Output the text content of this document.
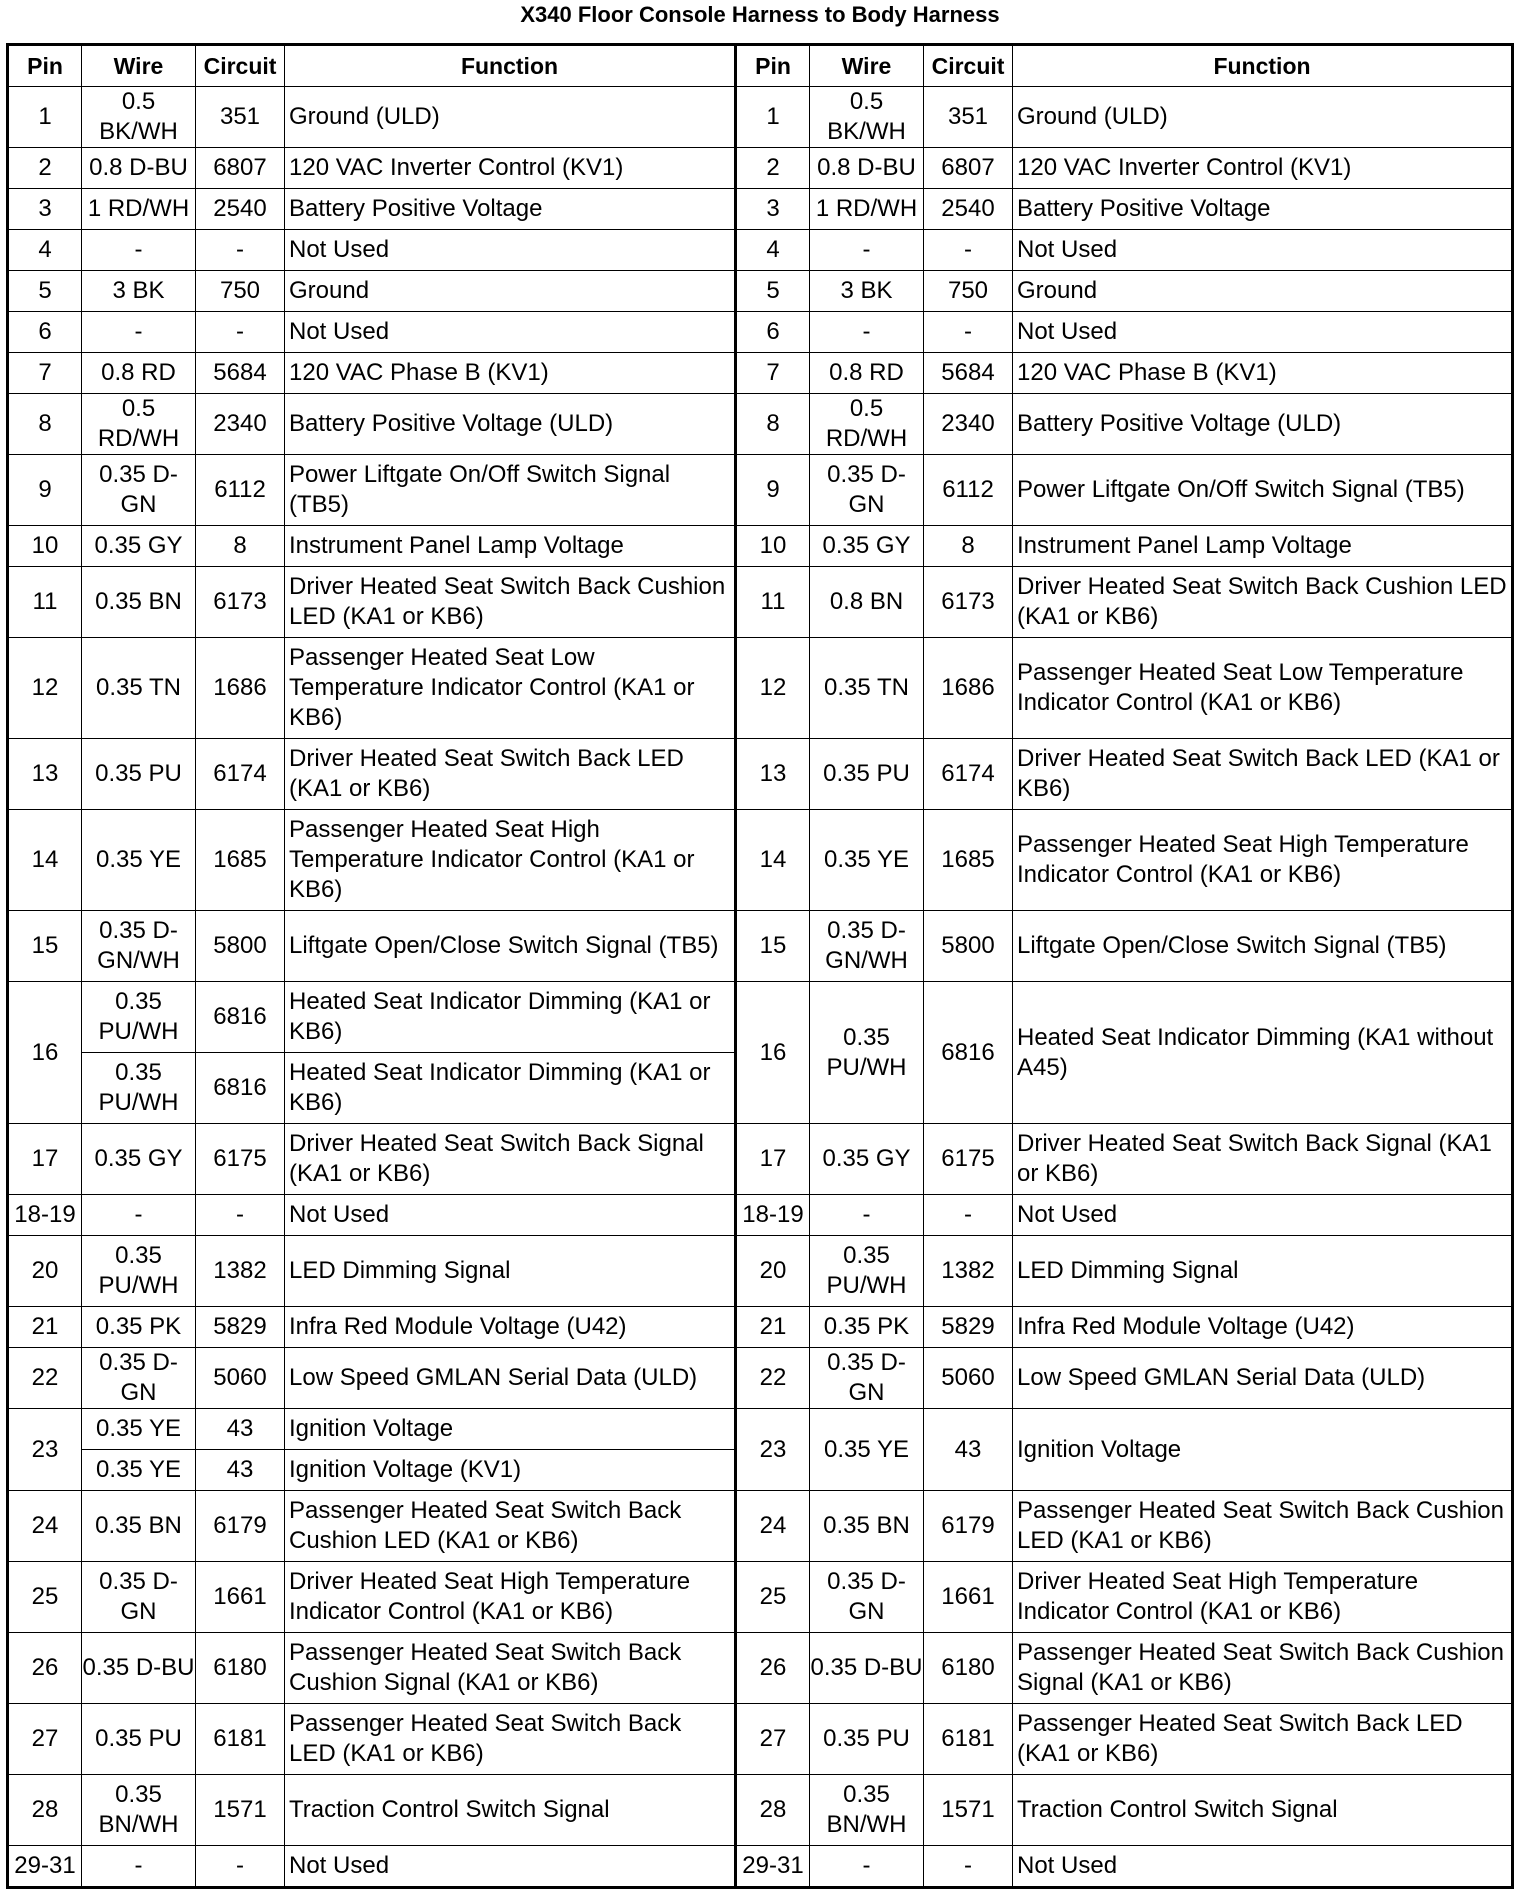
X340 Floor Console Harness to Body Harness
Pin	Wire	Circuit	Function	Pin	Wire	Circuit	Function
1	0.5 BK/WH	351	Ground (ULD)	1	0.5 BK/WH	351	Ground (ULD)
2	0.8 D-BU	6807	120 VAC Inverter Control (KV1)	2	0.8 D-BU	6807	120 VAC Inverter Control (KV1)
3	1 RD/WH	2540	Battery Positive Voltage	3	1 RD/WH	2540	Battery Positive Voltage
4	-	-	Not Used	4	-	-	Not Used
5	3 BK	750	Ground	5	3 BK	750	Ground
6	-	-	Not Used	6	-	-	Not Used
7	0.8 RD	5684	120 VAC Phase B (KV1)	7	0.8 RD	5684	120 VAC Phase B (KV1)
8	0.5 RD/WH	2340	Battery Positive Voltage (ULD)	8	0.5 RD/WH	2340	Battery Positive Voltage (ULD)
9	0.35 D-GN	6112	Power Liftgate On/Off Switch Signal (TB5)	9	0.35 D-GN	6112	Power Liftgate On/Off Switch Signal (TB5)
10	0.35 GY	8	Instrument Panel Lamp Voltage	10	0.35 GY	8	Instrument Panel Lamp Voltage
11	0.35 BN	6173	Driver Heated Seat Switch Back Cushion LED (KA1 or KB6)	11	0.8 BN	6173	Driver Heated Seat Switch Back Cushion LED (KA1 or KB6)
12	0.35 TN	1686	Passenger Heated Seat Low Temperature Indicator Control (KA1 or KB6)	12	0.35 TN	1686	Passenger Heated Seat Low Temperature Indicator Control (KA1 or KB6)
13	0.35 PU	6174	Driver Heated Seat Switch Back LED (KA1 or KB6)	13	0.35 PU	6174	Driver Heated Seat Switch Back LED (KA1 or KB6)
14	0.35 YE	1685	Passenger Heated Seat High Temperature Indicator Control (KA1 or KB6)	14	0.35 YE	1685	Passenger Heated Seat High Temperature Indicator Control (KA1 or KB6)
15	0.35 D-GN/WH	5800	Liftgate Open/Close Switch Signal (TB5)	15	0.35 D-GN/WH	5800	Liftgate Open/Close Switch Signal (TB5)
16	0.35 PU/WH	6816	Heated Seat Indicator Dimming (KA1 or KB6)	16	0.35 PU/WH	6816	Heated Seat Indicator Dimming (KA1 without A45)
	0.35 PU/WH	6816	Heated Seat Indicator Dimming (KA1 or KB6)				
17	0.35 GY	6175	Driver Heated Seat Switch Back Signal (KA1 or KB6)	17	0.35 GY	6175	Driver Heated Seat Switch Back Signal (KA1 or KB6)
18-19	-	-	Not Used	18-19	-	-	Not Used
20	0.35 PU/WH	1382	LED Dimming Signal	20	0.35 PU/WH	1382	LED Dimming Signal
21	0.35 PK	5829	Infra Red Module Voltage (U42)	21	0.35 PK	5829	Infra Red Module Voltage (U42)
22	0.35 D-GN	5060	Low Speed GMLAN Serial Data (ULD)	22	0.35 D-GN	5060	Low Speed GMLAN Serial Data (ULD)
23	0.35 YE	43	Ignition Voltage	23	0.35 YE	43	Ignition Voltage
	0.35 YE	43	Ignition Voltage (KV1)				
24	0.35 BN	6179	Passenger Heated Seat Switch Back Cushion LED (KA1 or KB6)	24	0.35 BN	6179	Passenger Heated Seat Switch Back Cushion LED (KA1 or KB6)
25	0.35 D-GN	1661	Driver Heated Seat High Temperature Indicator Control (KA1 or KB6)	25	0.35 D-GN	1661	Driver Heated Seat High Temperature Indicator Control (KA1 or KB6)
26	0.35 D-BU	6180	Passenger Heated Seat Switch Back Cushion Signal (KA1 or KB6)	26	0.35 D-BU	6180	Passenger Heated Seat Switch Back Cushion Signal (KA1 or KB6)
27	0.35 PU	6181	Passenger Heated Seat Switch Back LED (KA1 or KB6)	27	0.35 PU	6181	Passenger Heated Seat Switch Back LED (KA1 or KB6)
28	0.35 BN/WH	1571	Traction Control Switch Signal	28	0.35 BN/WH	1571	Traction Control Switch Signal
29-31	-	-	Not Used	29-31	-	-	Not Used
